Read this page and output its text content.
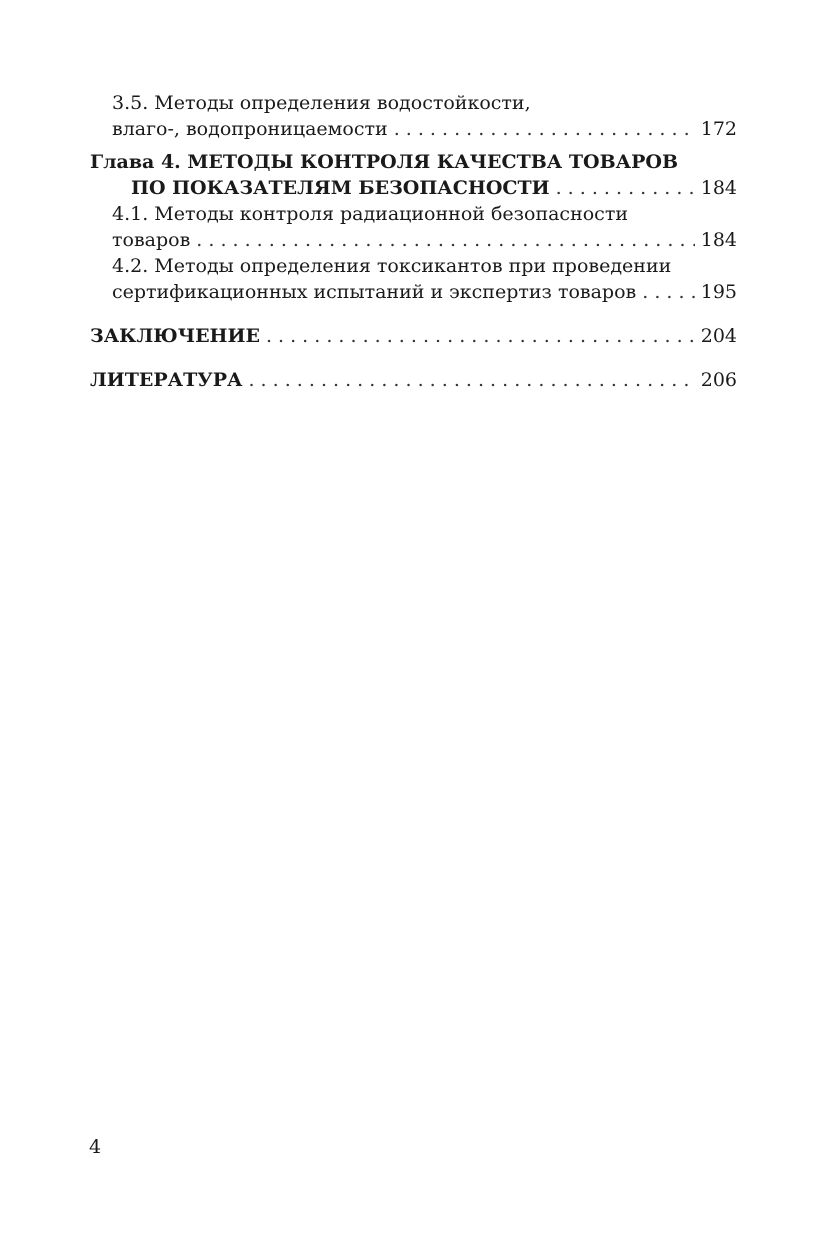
3.5. Методы определения водостойкости,
влаго-, водопроницаемости . . .	172
Глава 4. МЕТОДЫ КОНТРОЛЯ КАЧЕСТВА ТОВАРОВ
ПО ПОКАЗАТЕЛЯМ БЕЗОПАСНОСТИ . . .	184
4.1. Методы контроля радиационной безопасности
товаров . . .	184
4.2. Методы определения токсикантов при проведении
сертификационных испытаний и экспертиз товаров . . .	195
ЗАКЛЮЧЕНИЕ . . .	204
ЛИТЕРАТУРА . . .	206
4
